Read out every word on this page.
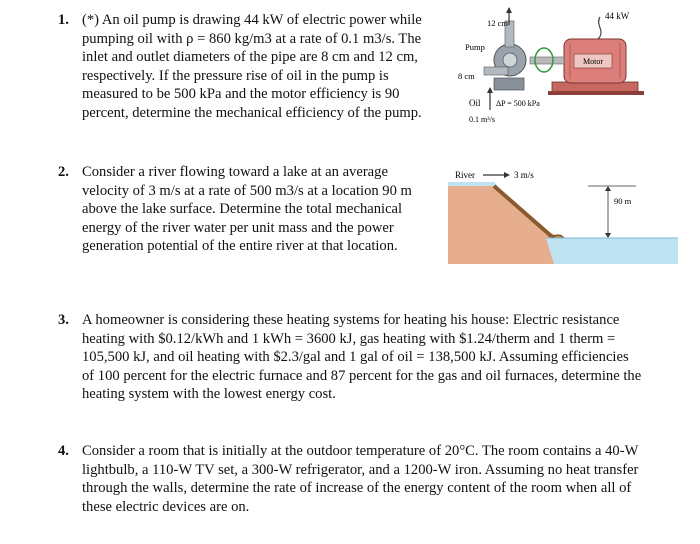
1. (*) An oil pump is drawing 44 kW of electric power while pumping oil with ρ = 860 kg/m3 at a rate of 0.1 m3/s. The inlet and outlet diameters of the pipe are 8 cm and 12 cm, respectively. If the pressure rise of oil in the pump is measured to be 500 kPa and the motor efficiency is 90 percent, determine the mechanical efficiency of the pump.
44 kW
Motor
12 cm
Pump
8 cm
Oil ΔP = 500 kPa
0.1 m³/s
2. Consider a river flowing toward a lake at an average velocity of 3 m/s at a rate of 500 m3/s at a location 90 m above the lake surface. Determine the total mechanical energy of the river water per unit mass and the power generation potential of the entire river at that location.
River	3 m/s
90 m
3. A homeowner is considering these heating systems for heating his house: Electric resistance heating with $0.12/kWh and 1 kWh = 3600 kJ, gas heating with $1.24/therm and 1 therm = 105,500 kJ, and oil heating with $2.3/gal and 1 gal of oil = 138,500 kJ. Assuming efficiencies of 100 percent for the electric furnace and 87 percent for the gas and oil furnaces, determine the heating system with the lowest energy cost.
4. Consider a room that is initially at the outdoor temperature of 20°C. The room contains a 40-W lightbulb, a 110-W TV set, a 300-W refrigerator, and a 1200-W iron. Assuming no heat transfer through the walls, determine the rate of increase of the energy content of the room when all of these electric devices are on.
